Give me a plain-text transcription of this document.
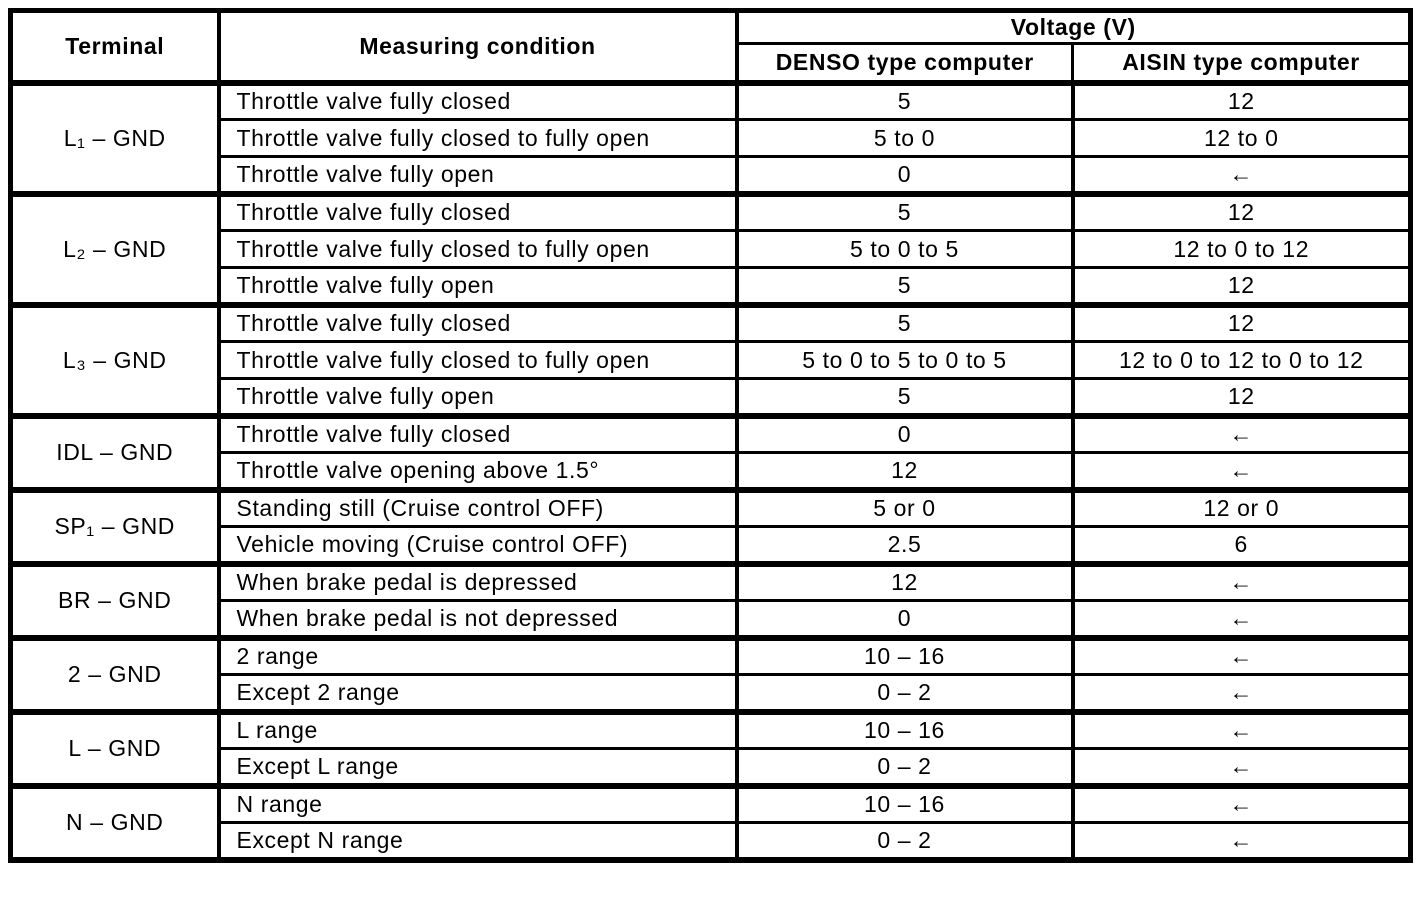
Terminal	Measuring condition	Voltage (V)	
		DENSO type computer	AISIN type computer
L₁ – GND	Throttle valve fully closed	5	12
	Throttle valve fully closed to fully open	5 to 0	12 to 0
	Throttle valve fully open	0	←
L₂ – GND	Throttle valve fully closed	5	12
	Throttle valve fully closed to fully open	5 to 0 to 5	12 to 0 to 12
	Throttle valve fully open	5	12
L₃ – GND	Throttle valve fully closed	5	12
	Throttle valve fully closed to fully open	5 to 0 to 5 to 0 to 5	12 to 0 to 12 to 0 to 12
	Throttle valve fully open	5	12
IDL – GND	Throttle valve fully closed	0	←
	Throttle valve opening above 1.5°	12	←
SP₁ – GND	Standing still (Cruise control OFF)	5 or 0	12 or 0
	Vehicle moving (Cruise control OFF)	2.5	6
BR – GND	When brake pedal is depressed	12	←
	When brake pedal is not depressed	0	←
2 – GND	2 range	10 – 16	←
	Except 2 range	0 – 2	←
L – GND	L range	10 – 16	←
	Except L range	0 – 2	←
N – GND	N range	10 – 16	←
	Except N range	0 – 2	←
